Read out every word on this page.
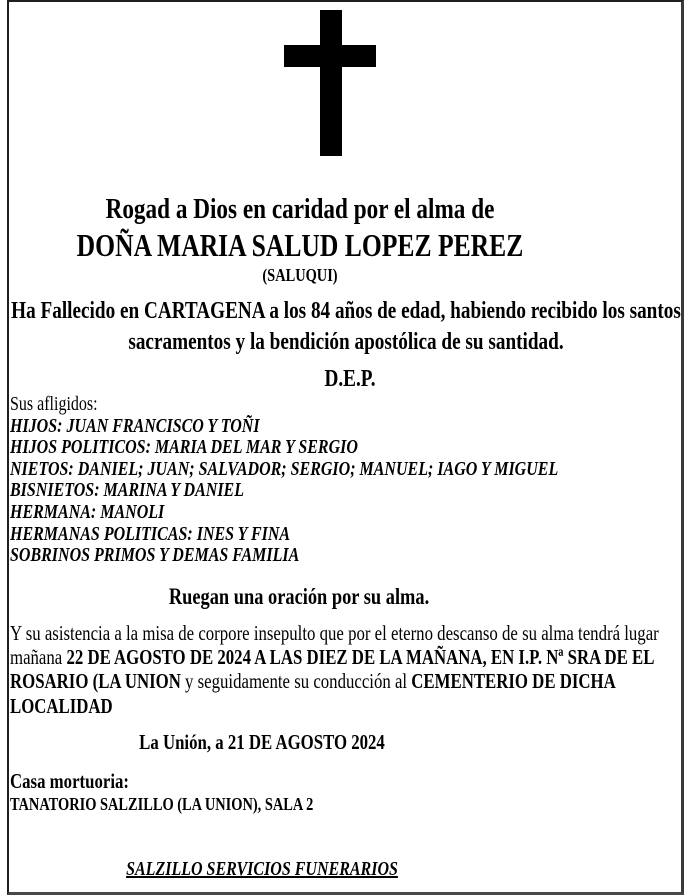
Rogad a Dios en caridad por el alma de
DOÑA MARIA SALUD LOPEZ PEREZ
(SALUQUI)
Ha Fallecido en CARTAGENA a los 84 años de edad, habiendo recibido los santos sacramentos y la bendición apostólica de su santidad.
D.E.P.
Sus afligidos:
HIJOS: JUAN FRANCISCO Y TOÑI
HIJOS POLITICOS: MARIA DEL MAR Y SERGIO
NIETOS: DANIEL; JUAN; SALVADOR; SERGIO; MANUEL; IAGO Y MIGUEL
BISNIETOS: MARINA Y DANIEL
HERMANA: MANOLI
HERMANAS POLITICAS: INES Y FINA
SOBRINOS PRIMOS Y DEMAS FAMILIA
Ruegan una oración por su alma.
Y su asistencia a la misa de corpore insepulto que por el eterno descanso de su alma tendrá lugar mañana 22 DE AGOSTO DE 2024 A LAS DIEZ DE LA MAÑANA, EN I.P. Nª SRA DE EL ROSARIO (LA UNION y seguidamente su conducción al CEMENTERIO DE DICHA LOCALIDAD
La Unión, a 21 DE AGOSTO 2024
Casa mortuoria:
TANATORIO SALZILLO (LA UNION), SALA 2
SALZILLO SERVICIOS FUNERARIOS
